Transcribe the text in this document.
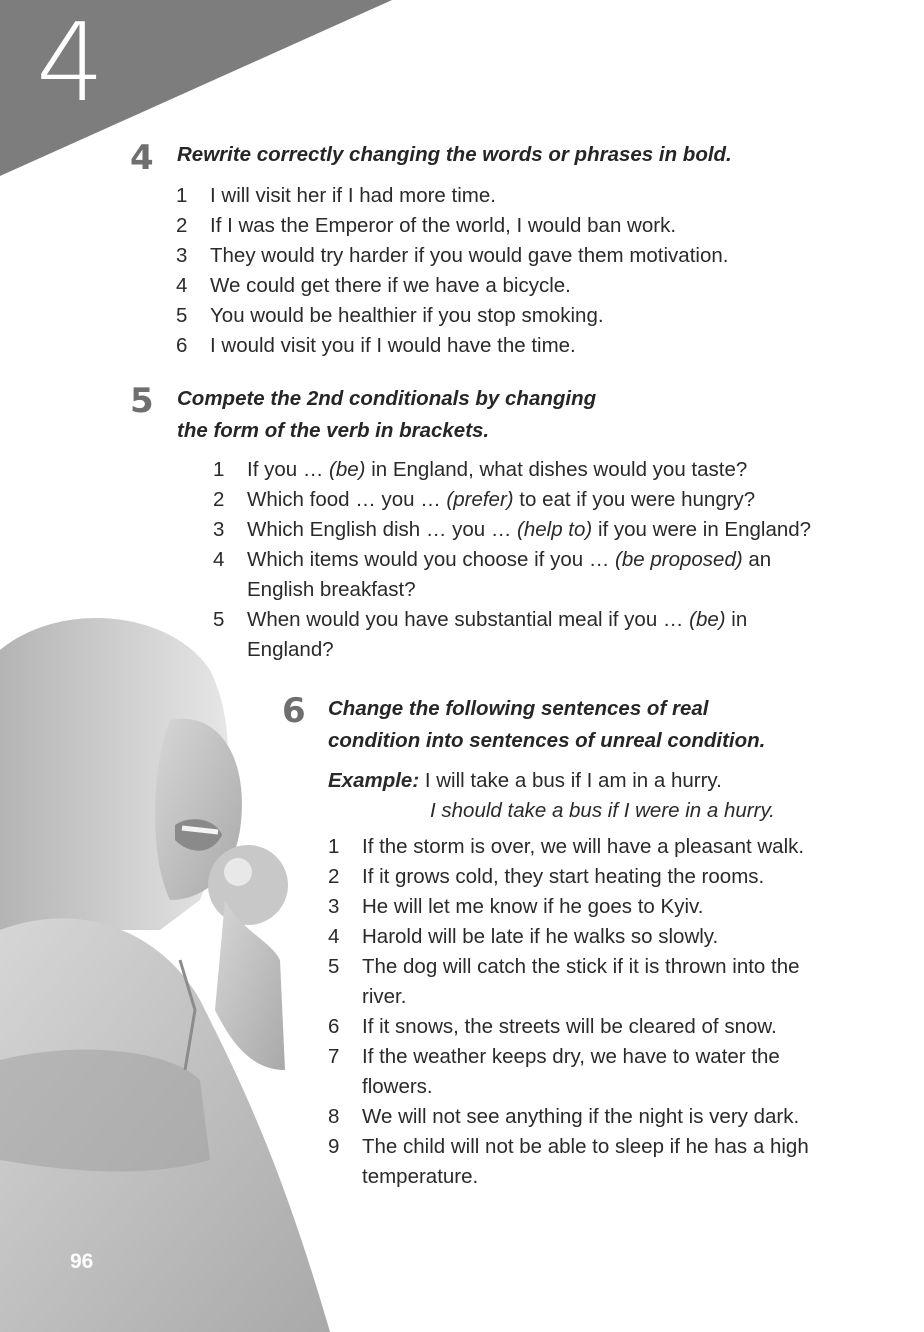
4
4 Rewrite correctly changing the words or phrases in bold.

1 I will visit her if I had more time.
2 If I was the Emperor of the world, I would ban work.
3 They would try harder if you would gave them motivation.
4 We could get there if we have a bicycle.
5 You would be healthier if you stop smoking.
6 I would visit you if I would have the time.
5 Compete the 2nd conditionals by changing
the form of the verb in brackets.

1 If you … (be) in England, what dishes would you taste?
2 Which food … you … (prefer) to eat if you were hungry?
3 Which English dish … you … (help to) if you were in England?
4 Which items would you choose if you … (be proposed) an English breakfast?
5 When would you have substantial meal if you … (be) in England?
6 Change the following sentences of real
condition into sentences of unreal condition.

Example: I will take a bus if I am in a hurry.
I should take a bus if I were in a hurry.
1 If the storm is over, we will have a pleasant walk.
2 If it grows cold, they start heating the rooms.
3 He will let me know if he goes to Kyiv.
4 Harold will be late if he walks so slowly.
5 The dog will catch the stick if it is thrown into the river.
6 If it snows, the streets will be cleared of snow.
7 If the weather keeps dry, we have to water the flowers.
8 We will not see anything if the night is very dark.
9 The child will not be able to sleep if he has a high temperature.
96
